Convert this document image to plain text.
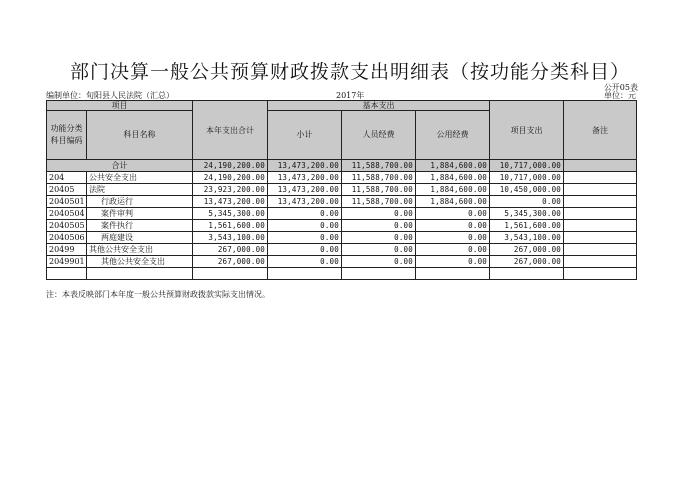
部门决算一般公共预算财政拨款支出明细表（按功能分类科目）
公开05表
编制单位：旬阳县人民法院（汇总）	2017年	单位：元
项目		本年支出合计	基本支出			项目支出	备注
功能分类科目编码	科目名称		小计	人员经费	公用经费		
合计		24,190,200.00	13,473,200.00	11,588,700.00	1,884,600.00	10,717,000.00	
204	公共安全支出	24,190,200.00	13,473,200.00	11,588,700.00	1,884,600.00	10,717,000.00	
20405	法院	23,923,200.00	13,473,200.00	11,588,700.00	1,884,600.00	10,450,000.00	
2040501	行政运行	13,473,200.00	13,473,200.00	11,588,700.00	1,884,600.00	0.00	
2040504	案件审判	5,345,300.00	0.00	0.00	0.00	5,345,300.00	
2040505	案件执行	1,561,600.00	0.00	0.00	0.00	1,561,600.00	
2040506	两庭建设	3,543,100.00	0.00	0.00	0.00	3,543,100.00	
20499	其他公共安全支出	267,000.00	0.00	0.00	0.00	267,000.00	
2049901	其他公共安全支出	267,000.00	0.00	0.00	0.00	267,000.00	

注：本表反映部门本年度一般公共预算财政拨款实际支出情况。
